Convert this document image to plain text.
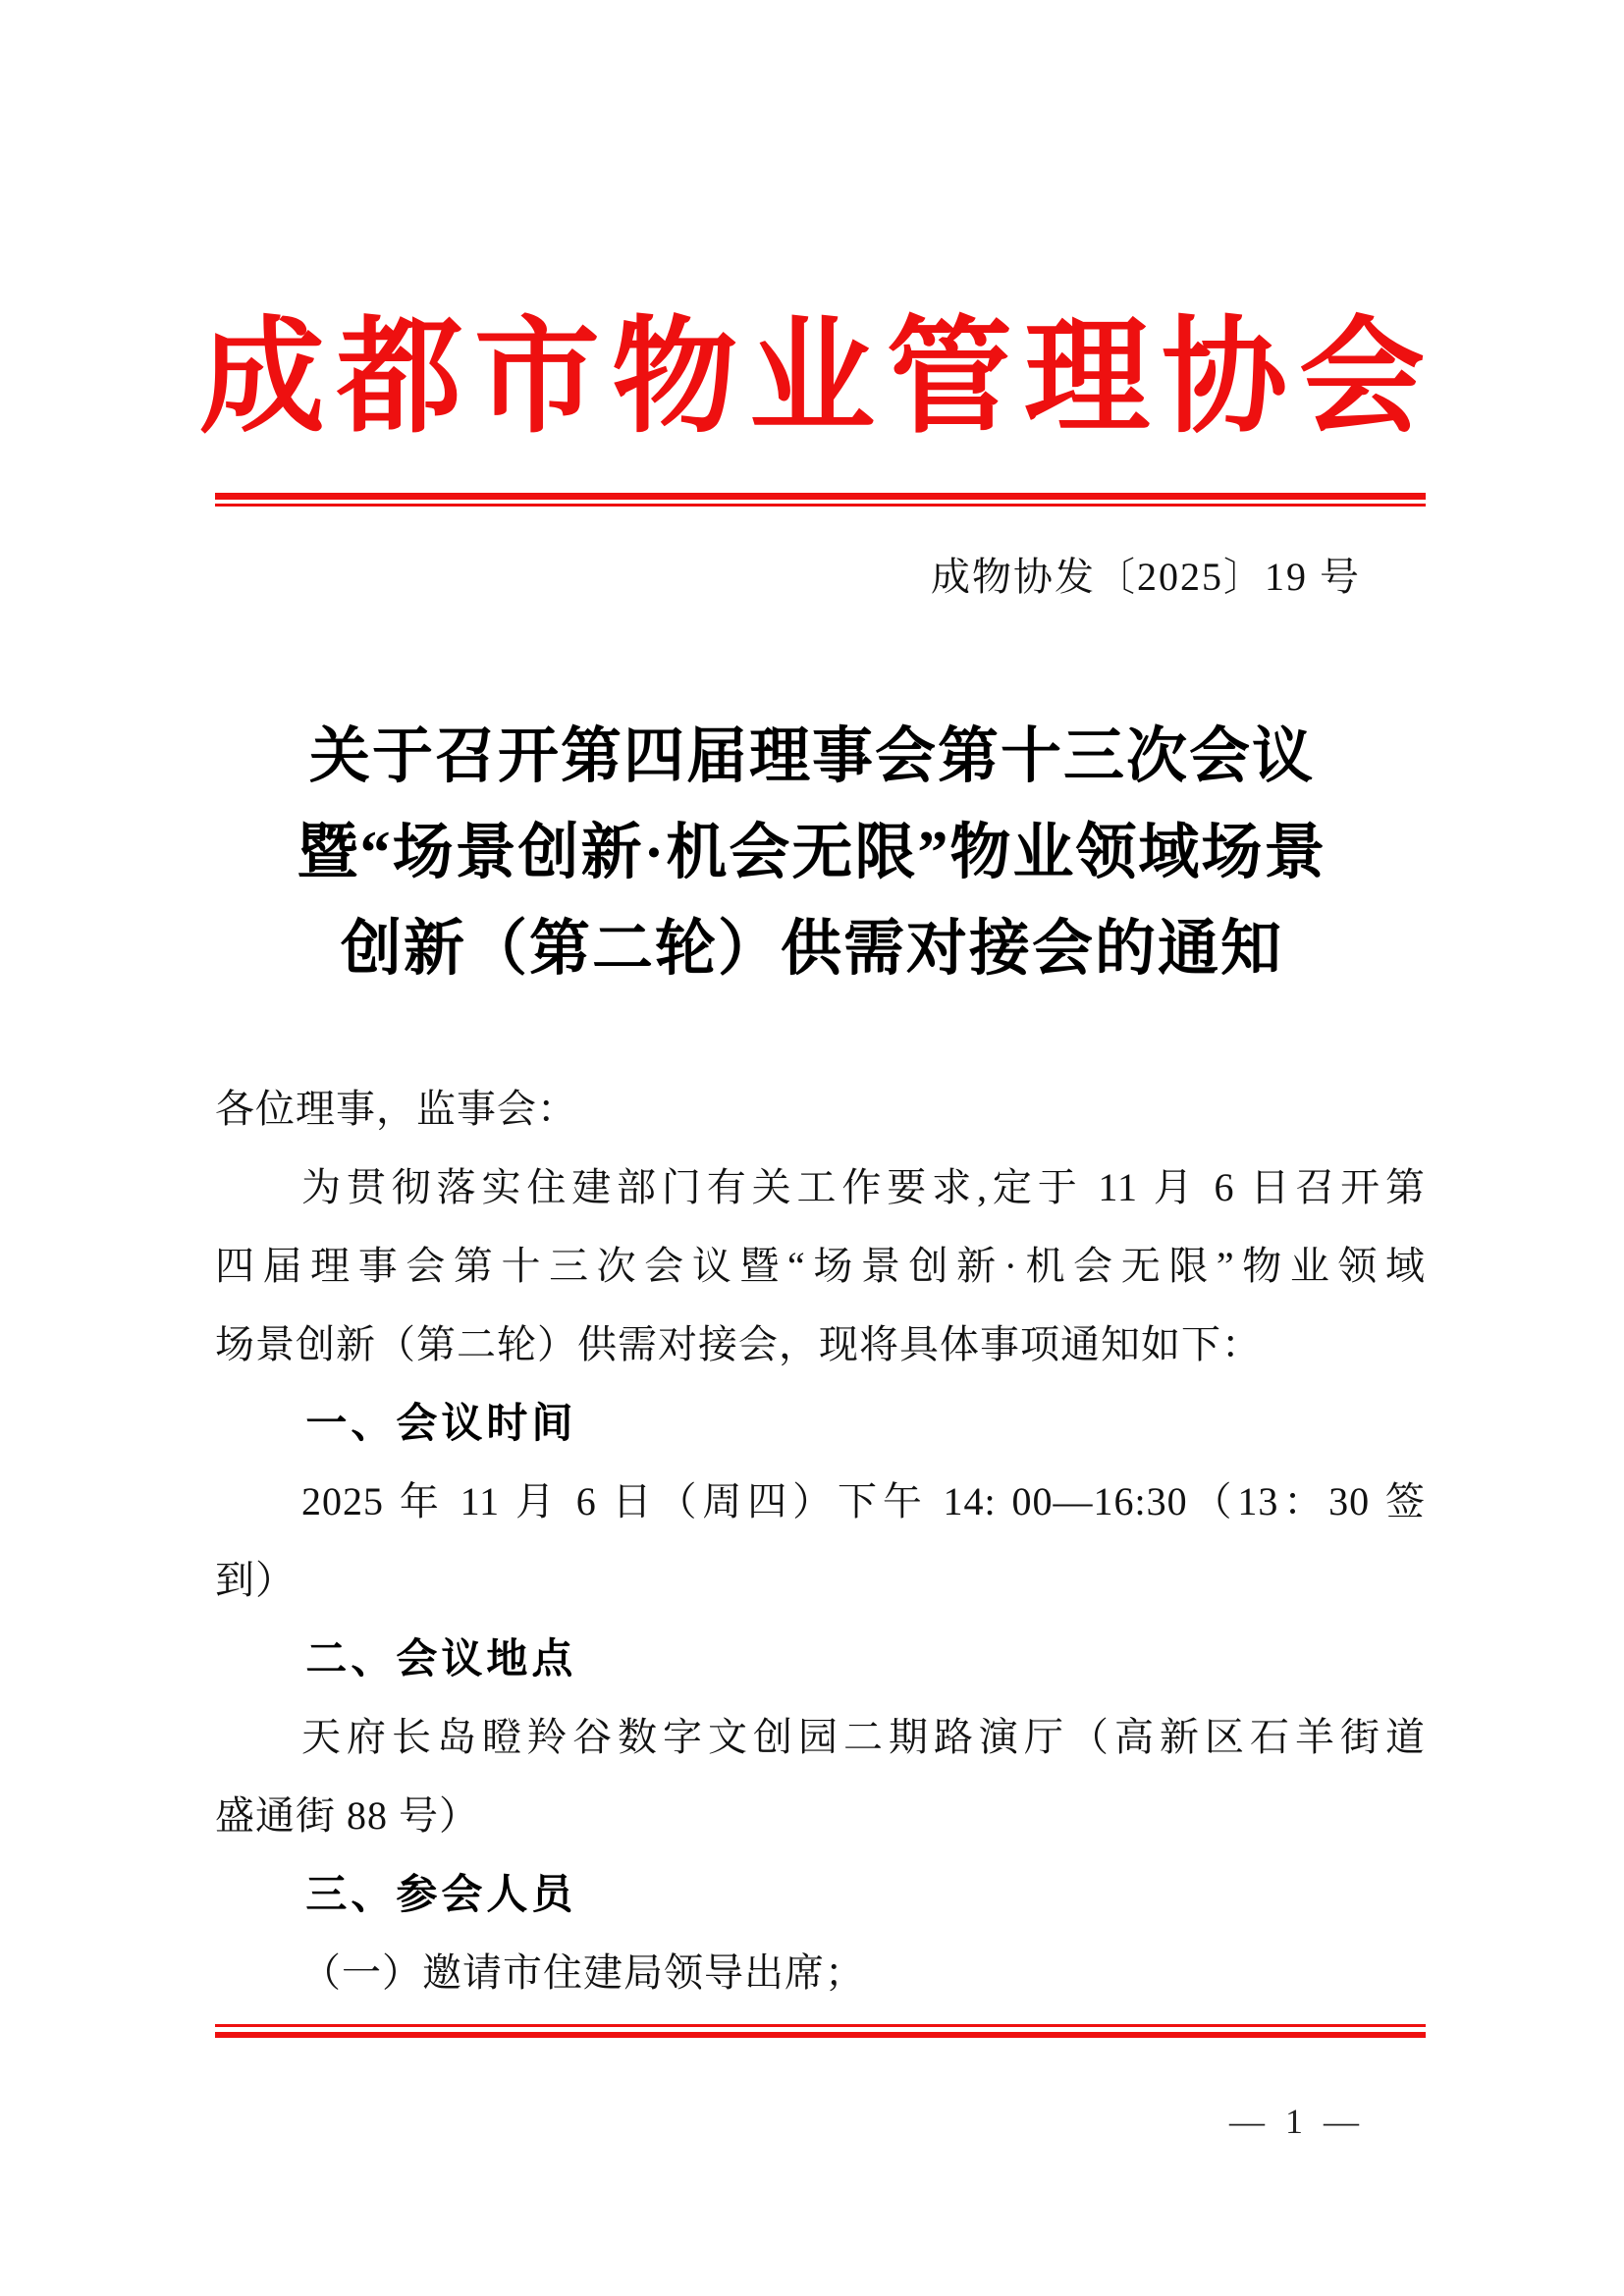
成都市物业管理协会
成物协发〔2025〕19 号
关于召开第四届理事会第十三次会议
暨“场景创新·机会无限”物业领域场景
创新（第二轮）供需对接会的通知
各位理事，监事会：
为贯彻落实住建部门有关工作要求,定于 11 月 6 日召开第
四届理事会第十三次会议暨“场景创新·机会无限”物业领域
场景创新（第二轮）供需对接会，现将具体事项通知如下：
一、会议时间
2025 年 11 月 6 日（周四）下午 14: 00—16:30（13：30 签
到）
二、会议地点
天府长岛瞪羚谷数字文创园二期路演厅（高新区石羊街道
盛通街 88 号）
三、参会人员
（一）邀请市住建局领导出席；
— 1 —
